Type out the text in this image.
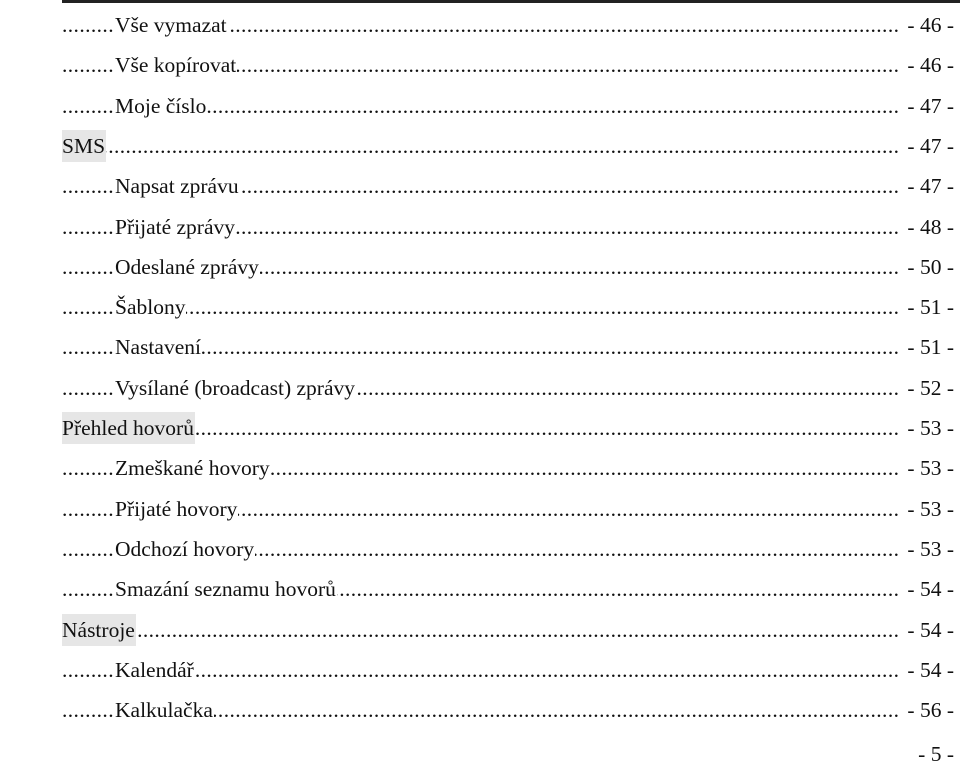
.....
Vše vymazat	- 46 -
.....
Vše kopírovat	- 46 -
.....
Moje číslo	- 47 -
.....
SMS	- 47 -
.....
Napsat zprávu	- 47 -
.....
Přijaté zprávy	- 48 -
.....
Odeslané zprávy	- 50 -
.....
Šablony	- 51 -
.....
Nastavení	- 51 -
.....
Vysílané (broadcast) zprávy	- 52 -
.....
Přehled hovorů	- 53 -
.....
Zmeškané hovory	- 53 -
.....
Přijaté hovory	- 53 -
.....
Odchozí hovory	- 53 -
.....
Smazání seznamu hovorů	- 54 -
.....
Nástroje	- 54 -
.....
Kalendář	- 54 -
.....
Kalkulačka	- 56 -
- 5 -
